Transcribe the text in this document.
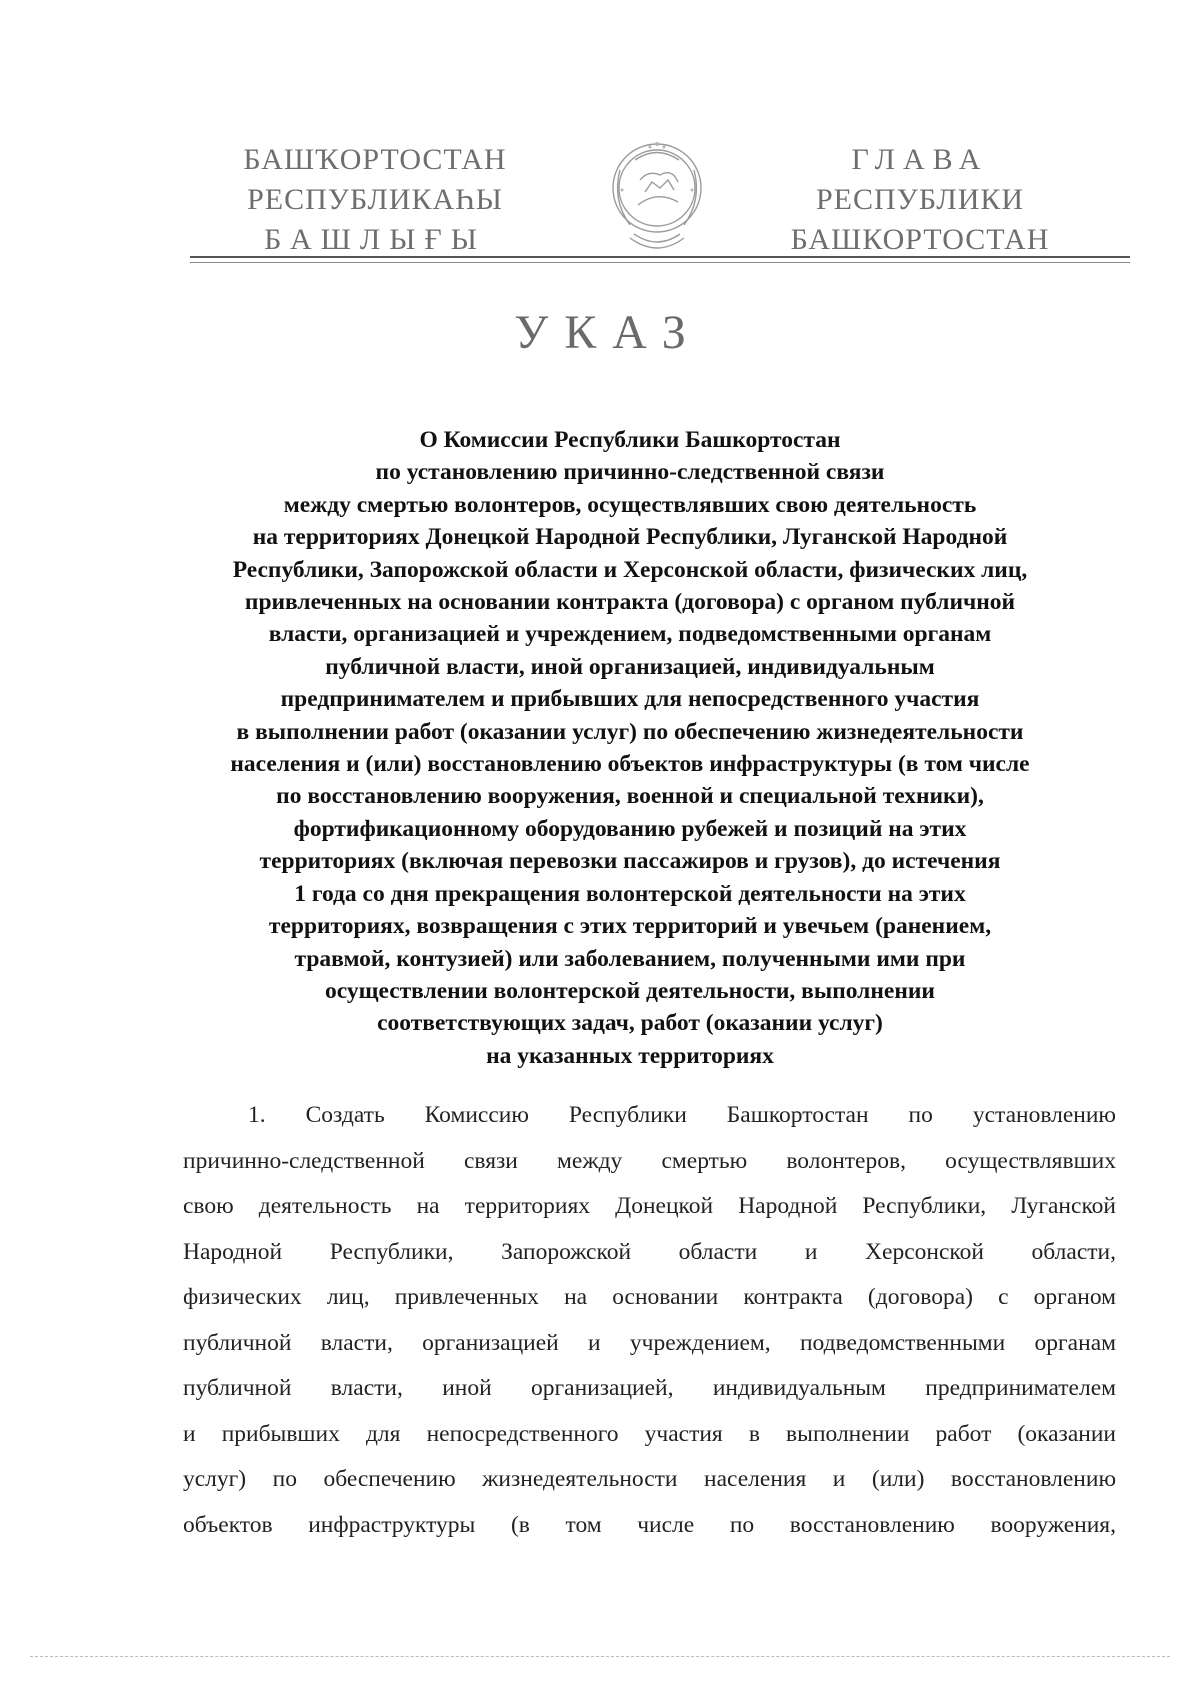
БАШҠОРТОСТАН
РЕСПУБЛИКАҺЫ
БАШЛЫҒЫ
ГЛАВА
РЕСПУБЛИКИ
БАШКОРТОСТАН
УКАЗ
О Комиссии Республики Башкортостан
по установлению причинно-следственной связи
между смертью волонтеров, осуществлявших свою деятельность
на территориях Донецкой Народной Республики, Луганской Народной
Республики, Запорожской области и Херсонской области, физических лиц,
привлеченных на основании контракта (договора) с органом публичной
власти, организацией и учреждением, подведомственными органам
публичной власти, иной организацией, индивидуальным
предпринимателем и прибывших для непосредственного участия
в выполнении работ (оказании услуг) по обеспечению жизнедеятельности
населения и (или) восстановлению объектов инфраструктуры (в том числе
по восстановлению вооружения, военной и специальной техники),
фортификационному оборудованию рубежей и позиций на этих
территориях (включая перевозки пассажиров и грузов), до истечения
1 года со дня прекращения волонтерской деятельности на этих
территориях, возвращения с этих территорий и увечьем (ранением,
травмой, контузией) или заболеванием, полученными ими при
осуществлении волонтерской деятельности, выполнении
соответствующих задач, работ (оказании услуг)
на указанных территориях
1. Создать Комиссию Республики Башкортостан по установлению
причинно-следственной связи между смертью волонтеров, осуществлявших
свою деятельность на территориях Донецкой Народной Республики, Луганской
Народной Республики, Запорожской области и Херсонской области,
физических лиц, привлеченных на основании контракта (договора) с органом
публичной власти, организацией и учреждением, подведомственными органам
публичной власти, иной организацией, индивидуальным предпринимателем
и прибывших для непосредственного участия в выполнении работ (оказании
услуг) по обеспечению жизнедеятельности населения и (или) восстановлению
объектов инфраструктуры (в том числе по восстановлению вооружения,
